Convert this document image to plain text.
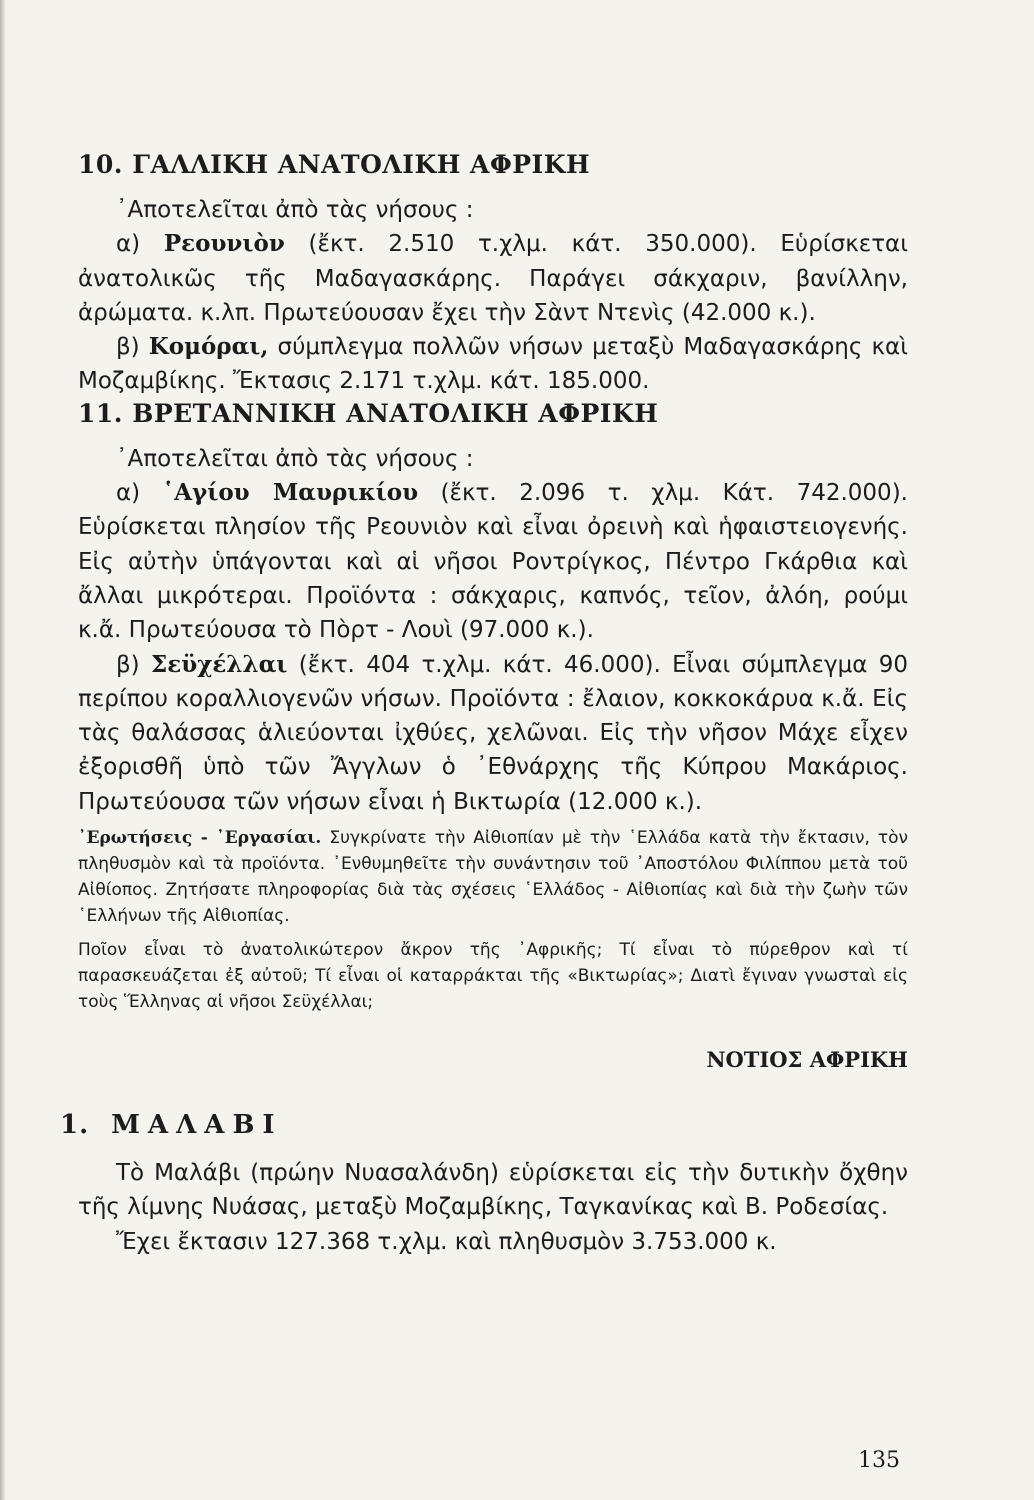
10. ΓΑΛΛΙΚΗ ΑΝΑΤΟΛΙΚΗ ΑΦΡΙΚΗ

᾿Αποτελεῖται ἀπὸ τὰς νήσους :

α) Ρεουνιὸν (ἔκτ. 2.510 τ.χλμ. κάτ. 350.000). Εὑρίσκεται ἀνατολικῶς τῆς Μαδαγασκάρης. Παράγει σάκχαριν, βανίλλην, ἀρώματα. κ.λπ. Πρωτεύουσαν ἔχει τὴν Σὰντ Ντενὶς (42.000 κ.).

β) Κομόραι, σύμπλεγμα πολλῶν νήσων μεταξὺ Μαδαγασκάρης καὶ Μοζαμβίκης. Ἔκτασις 2.171 τ.χλμ. κάτ. 185.000.

11. ΒΡΕΤΑΝΝΙΚΗ ΑΝΑΤΟΛΙΚΗ ΑΦΡΙΚΗ

᾿Αποτελεῖται ἀπὸ τὰς νήσους :

α) ῾Αγίου Μαυρικίου (ἔκτ. 2.096 τ. χλμ. Κάτ. 742.000). Εὑρίσκεται πλησίον τῆς Ρεουνιὸν καὶ εἶναι ὀρεινὴ καὶ ἡφαιστειογενής. Εἰς αὐτὴν ὑπάγονται καὶ αἱ νῆσοι Ροντρίγκος, Πέντρο Γκάρθια καὶ ἄλλαι μικρότεραι. Προϊόντα : σάκχαρις, καπνός, τεῖον, ἀλόη, ρούμι κ.ἄ. Πρωτεύουσα τὸ Πὸρτ - Λουὶ (97.000 κ.).

β) Σεϋχέλλαι (ἔκτ. 404 τ.χλμ. κάτ. 46.000). Εἶναι σύμπλεγμα 90 περίπου κοραλλιογενῶν νήσων. Προϊόντα : ἔλαιον, κοκκοκάρυα κ.ἄ. Εἰς τὰς θαλάσσας ἁλιεύονται ἰχθύες, χελῶναι. Εἰς τὴν νῆσον Μάχε εἶχεν ἐξορισθῆ ὑπὸ τῶν Ἄγγλων ὁ ᾿Εθνάρχης τῆς Κύπρου Μακάριος. Πρωτεύουσα τῶν νήσων εἶναι ἡ Βικτωρία (12.000 κ.).

᾿Ερωτήσεις - ᾿Εργασίαι. Συγκρίνατε τὴν Αἰθιοπίαν μὲ τὴν ῾Ελλάδα κατὰ τὴν ἔκτασιν, τὸν πληθυσμὸν καὶ τὰ προϊόντα. ᾿Ενθυμηθεῖτε τὴν συνάντησιν τοῦ ᾿Αποστόλου Φιλίππου μετὰ τοῦ Αἰθίοπος. Ζητήσατε πληροφορίας διὰ τὰς σχέσεις ῾Ελλάδος - Αἰθιοπίας καὶ διὰ τὴν ζωὴν τῶν ῾Ελλήνων τῆς Αἰθιοπίας.

Ποῖον εἶναι τὸ ἀνατολικώτερον ἄκρον τῆς ᾿Αφρικῆς; Τί εἶναι τὸ πύρεθρον καὶ τί παρασκευάζεται ἐξ αὐτοῦ; Τί εἶναι οἱ καταρράκται τῆς «Βικτωρίας»; Διατὶ ἔγιναν γνωσταὶ εἰς τοὺς Ἕλληνας αἱ νῆσοι Σεϋχέλλαι;

ΝΟΤΙΟΣ ΑΦΡΙΚΗ
1. ΜΑΛΑΒΙ

Τὸ Μαλάβι (πρώην Νυασαλάνδη) εὑρίσκεται εἰς τὴν δυτικὴν ὄχθην τῆς λίμνης Νυάσας, μεταξὺ Μοζαμβίκης, Ταγκανίκας καὶ Β. Ροδεσίας.

Ἔχει ἔκτασιν 127.368 τ.χλμ. καὶ πληθυσμὸν 3.753.000 κ.

135
